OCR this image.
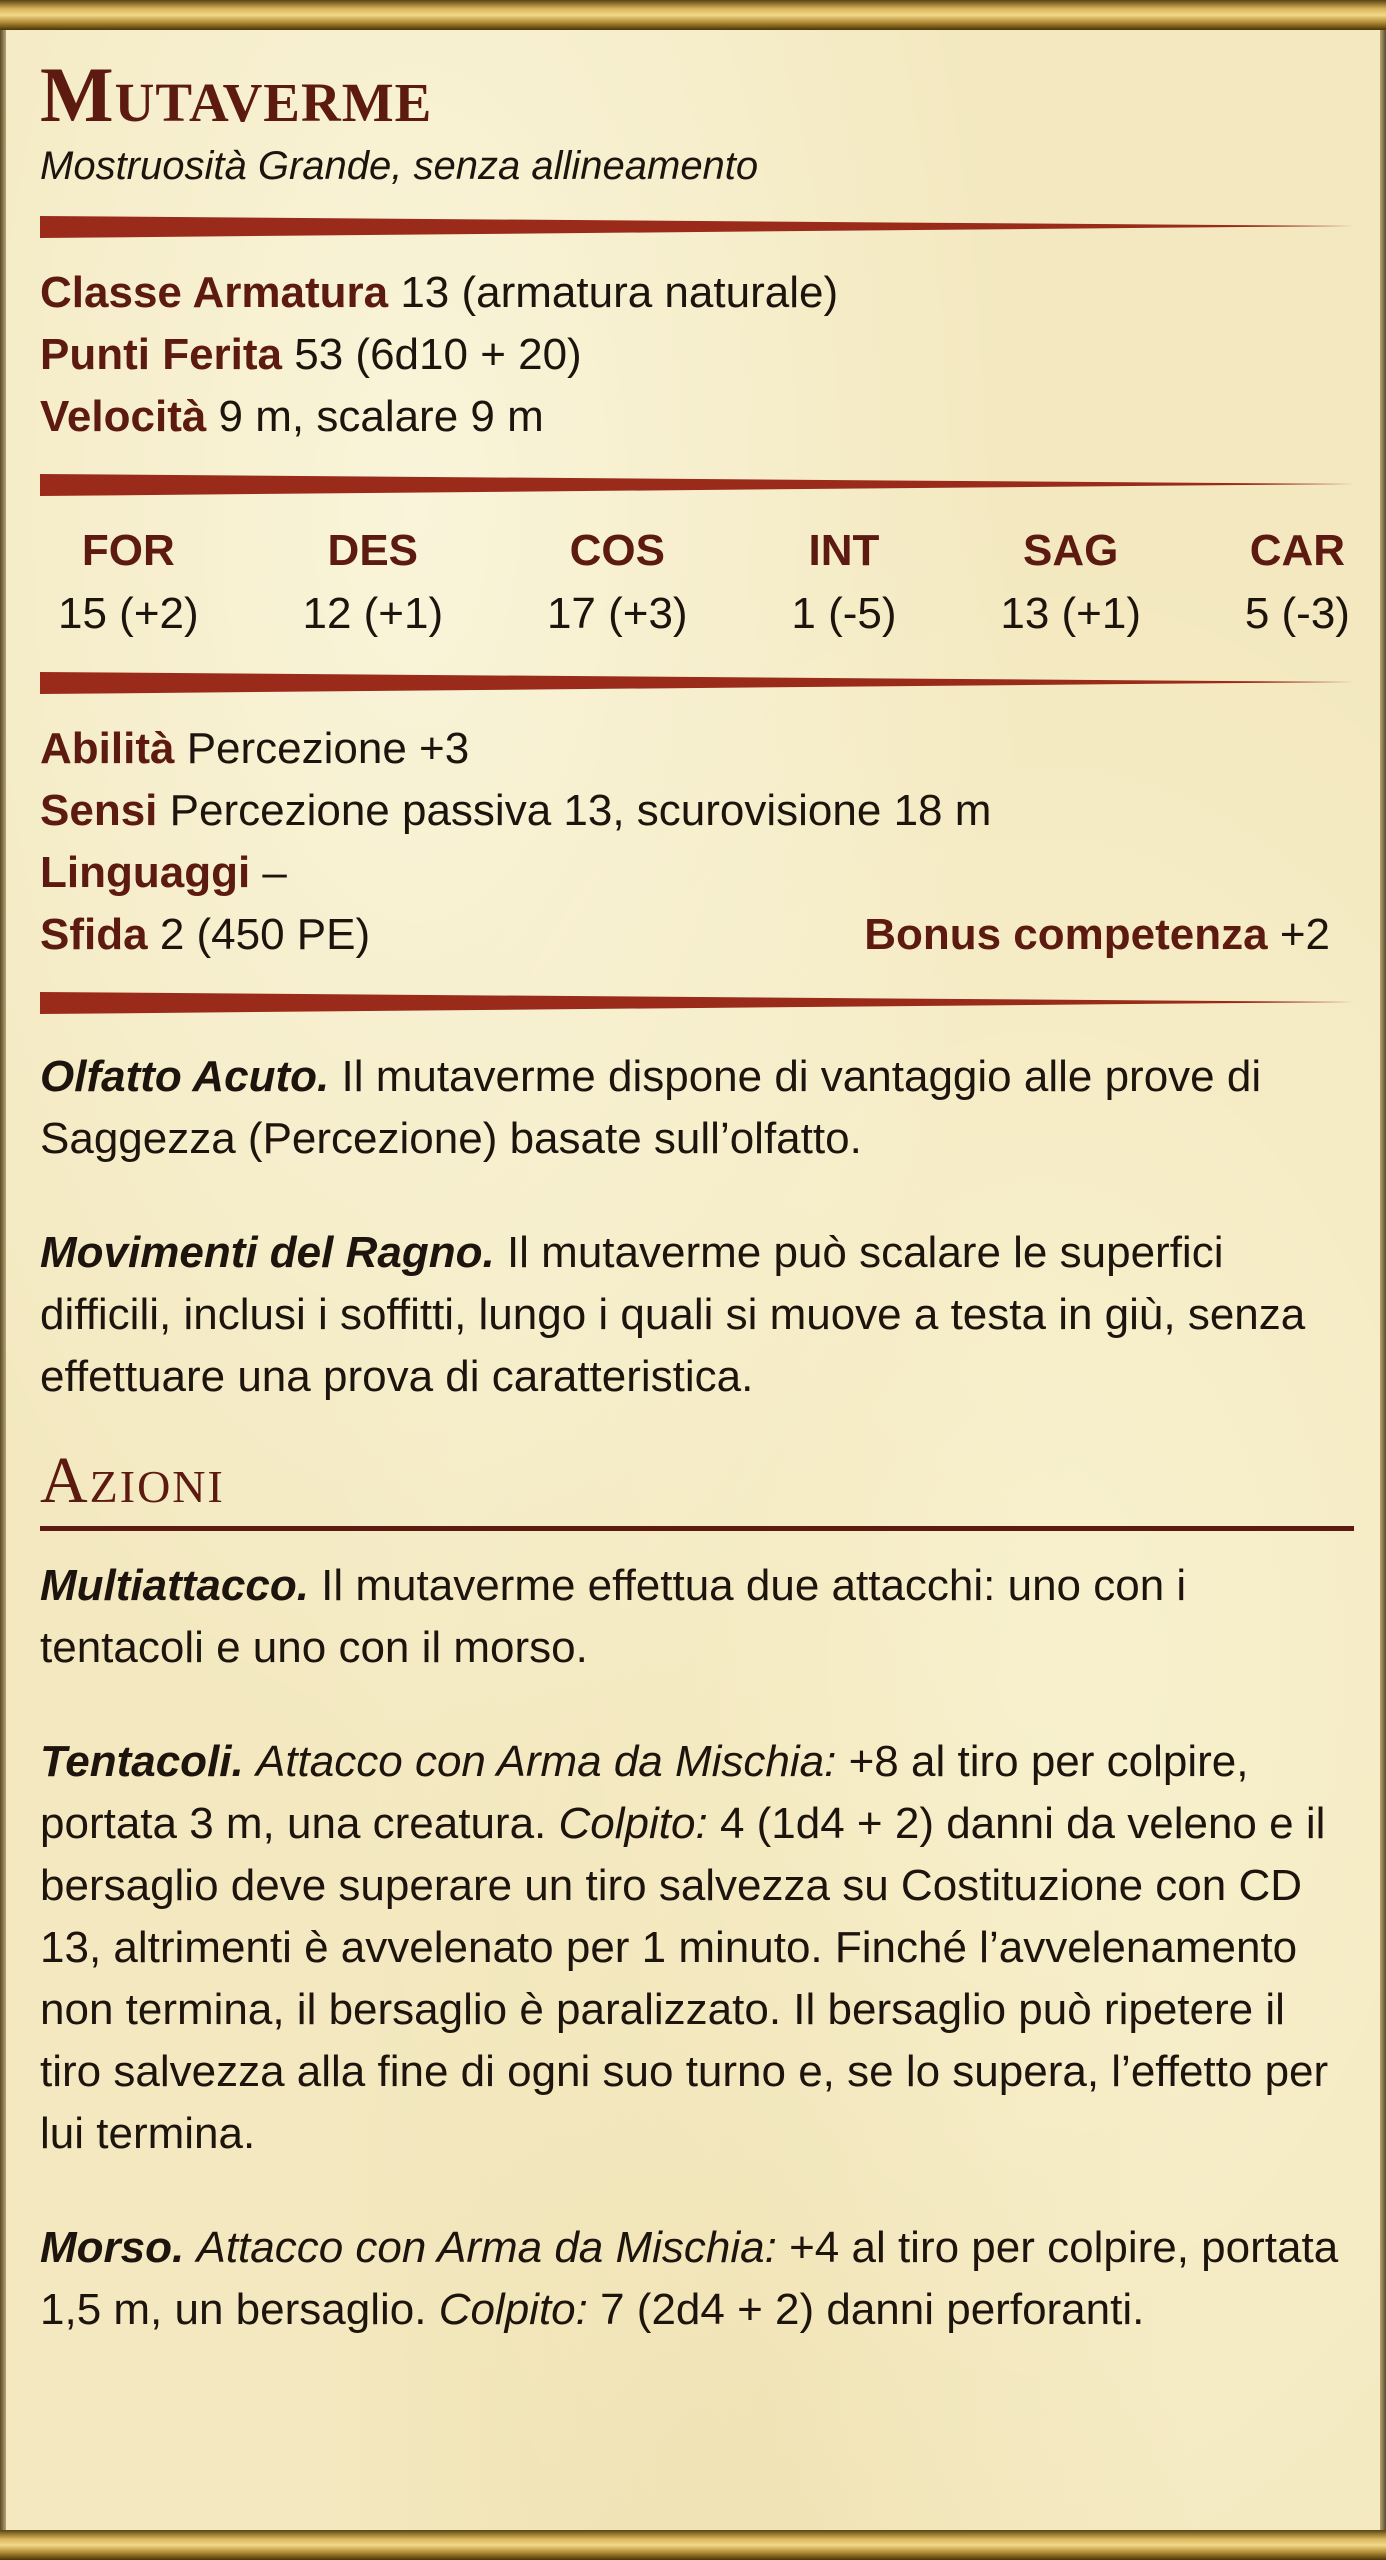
Mutaverme
Mostruosità Grande, senza allineamento
Classe Armatura 13 (armatura naturale)
Punti Ferita 53 (6d10 + 20)
Velocità 9 m, scalare 9 m
FOR
15 (+2)
DES
12 (+1)
COS
17 (+3)
INT
1 (-5)
SAG
13 (+1)
CAR
5 (-3)
Abilità Percezione +3
Sensi Percezione passiva 13, scurovisione 18 m
Linguaggi –
Sfida 2 (450 PE)	Bonus competenza +2
Olfatto Acuto. Il mutaverme dispone di vantaggio alle prove di Saggezza (Percezione) basate sull’olfatto.
Movimenti del Ragno. Il mutaverme può scalare le superfici difficili, inclusi i soffitti, lungo i quali si muove a testa in giù, senza effettuare una prova di caratteristica.
Azioni
Multiattacco. Il mutaverme effettua due attacchi: uno con i tentacoli e uno con il morso.
Tentacoli. Attacco con Arma da Mischia: +8 al tiro per colpire, portata 3 m, una creatura. Colpito: 4 (1d4 + 2) danni da veleno e il bersaglio deve superare un tiro salvezza su Costituzione con CD 13, altrimenti è avvelenato per 1 minuto. Finché l’avvelenamento non termina, il bersaglio è paralizzato. Il bersaglio può ripetere il tiro salvezza alla fine di ogni suo turno e, se lo supera, l’effetto per lui termina.
Morso. Attacco con Arma da Mischia: +4 al tiro per colpire, portata 1,5 m, un bersaglio. Colpito: 7 (2d4 + 2) danni perforanti.
